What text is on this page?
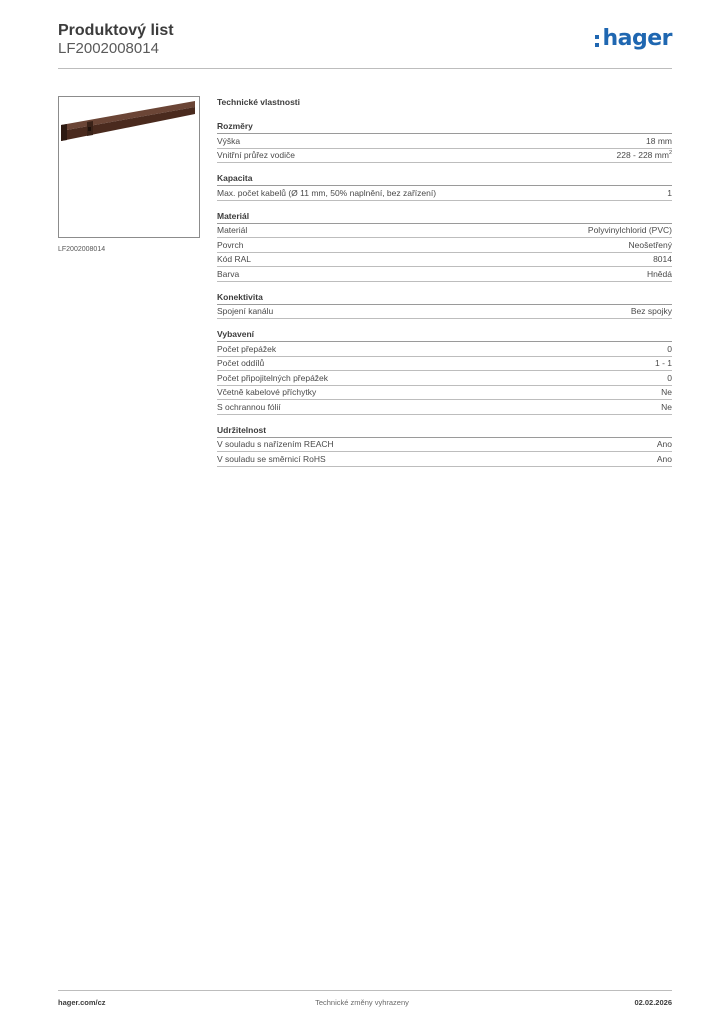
Produktový list
LF2002008014	hager
LF2002008014
Technické vlastnosti
Rozměry
Výška	18 mm
Vnitřní průřez vodiče	228 - 228 $mm^2$
Kapacita
Max. počet kabelů (Ø 11 mm, 50% naplnění, bez zařízení)	1
Materiál
Materiál	Polyvinylchlorid (PVC)
Povrch	Neošetřený
Kód RAL	8014
Barva	Hnědá
Konektivita
Spojení kanálu	Bez spojky
Vybavení
Počet přepážek	0
Počet oddílů	1 - 1
Počet připojitelných přepážek	0
Včetně kabelové příchytky	Ne
S ochrannou fólií	Ne
Udržitelnost
V souladu s nařízením REACH	Ano
V souladu se směrnicí RoHS	Ano
hager.com/cz	Technické změny vyhrazeny	02.02.2026
